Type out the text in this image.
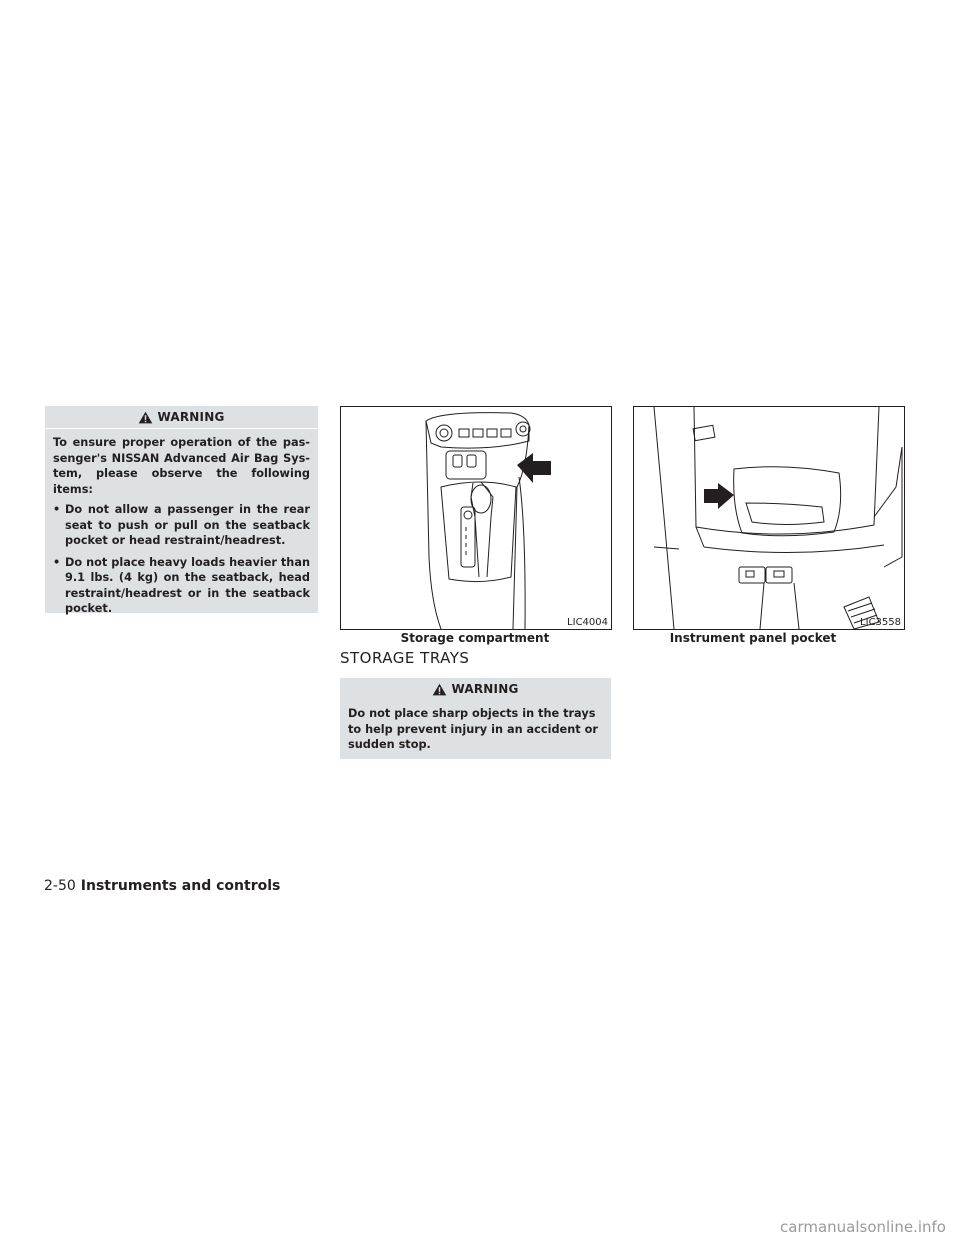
WARNING

To ensure proper operation of the pas-senger's NISSAN Advanced Air Bag Sys-tem, please observe the following items:

• Do not allow a passenger in the rear seat to push or pull on the seatback pocket or head restraint/headrest.
• Do not place heavy loads heavier than 9.1 lbs. (4 kg) on the seatback, head restraint/headrest or in the seatback pocket.
LIC4004
Storage compartment
LIC3558
Instrument panel pocket
STORAGE TRAYS
WARNING
Do not place sharp objects in the trays to help prevent injury in an accident or sudden stop.
2-50 Instruments and controls
carmanualsonline.info
